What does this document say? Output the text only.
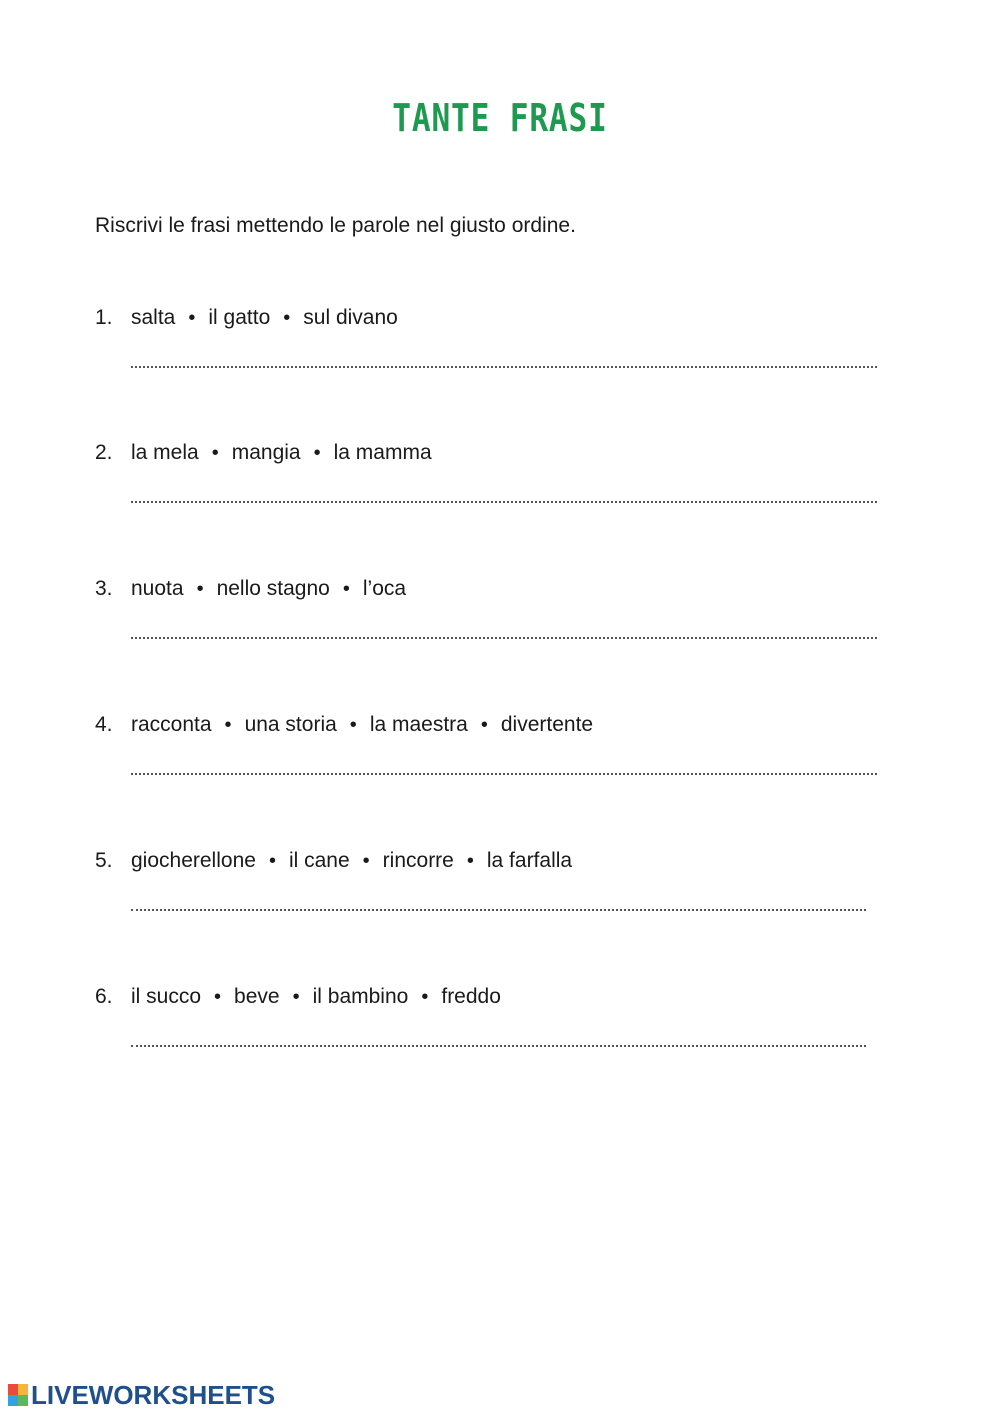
TANTE FRASI
Riscrivi le frasi mettendo le parole nel giusto ordine.
1. salta • il gatto • sul divano
2. la mela • mangia • la mamma
3. nuota • nello stagno • l’oca
4. racconta • una storia • la maestra • divertente
5. giocherellone • il cane • rincorre • la farfalla
6. il succo • beve • il bambino • freddo
LIVEWORKSHEETS
